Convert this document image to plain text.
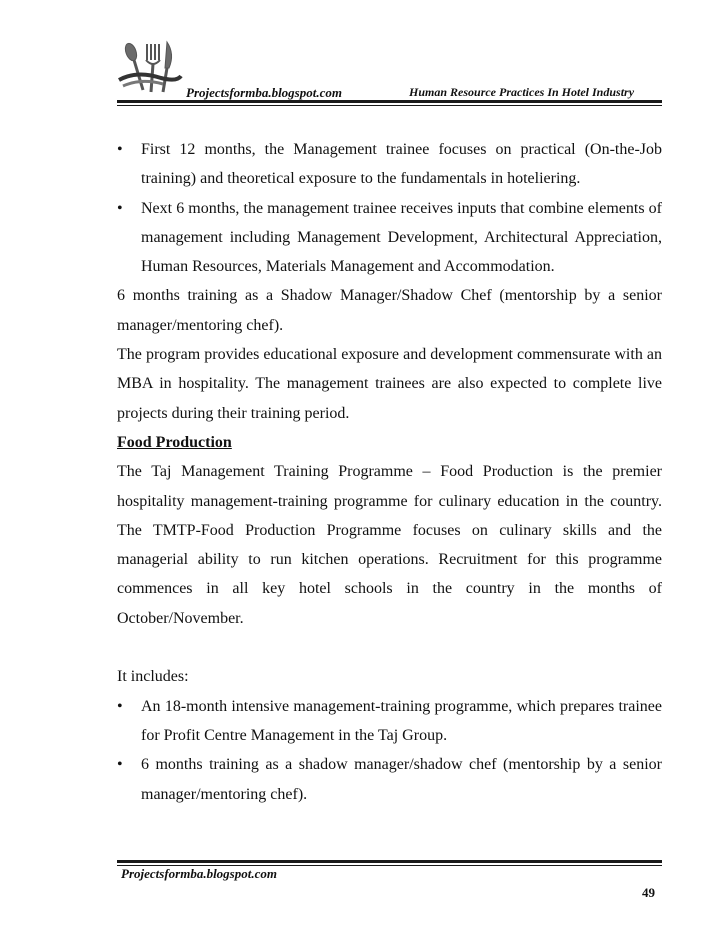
Projectsformba.blogspot.com	Human Resource Practices In Hotel Industry

• First 12 months, the Management trainee focuses on practical (On-the-Job training) and theoretical exposure to the fundamentals in hoteliering.

• Next 6 months, the management trainee receives inputs that combine elements of management including Management Development, Architectural Appreciation, Human Resources, Materials Management and Accommodation.

6 months training as a Shadow Manager/Shadow Chef (mentorship by a senior manager/mentoring chef).

The program provides educational exposure and development commensurate with an MBA in hospitality. The management trainees are also expected to complete live projects during their training period.

Food Production

The Taj Management Training Programme – Food Production is the premier hospitality management-training programme for culinary education in the country. The TMTP-Food Production Programme focuses on culinary skills and the managerial ability to run kitchen operations. Recruitment for this programme commences in all key hotel schools in the country in the months of October/November.

It includes:

• An 18-month intensive management-training programme, which prepares trainee for Profit Centre Management in the Taj Group.

• 6 months training as a shadow manager/shadow chef (mentorship by a senior manager/mentoring chef).

Projectsformba.blogspot.com
49
